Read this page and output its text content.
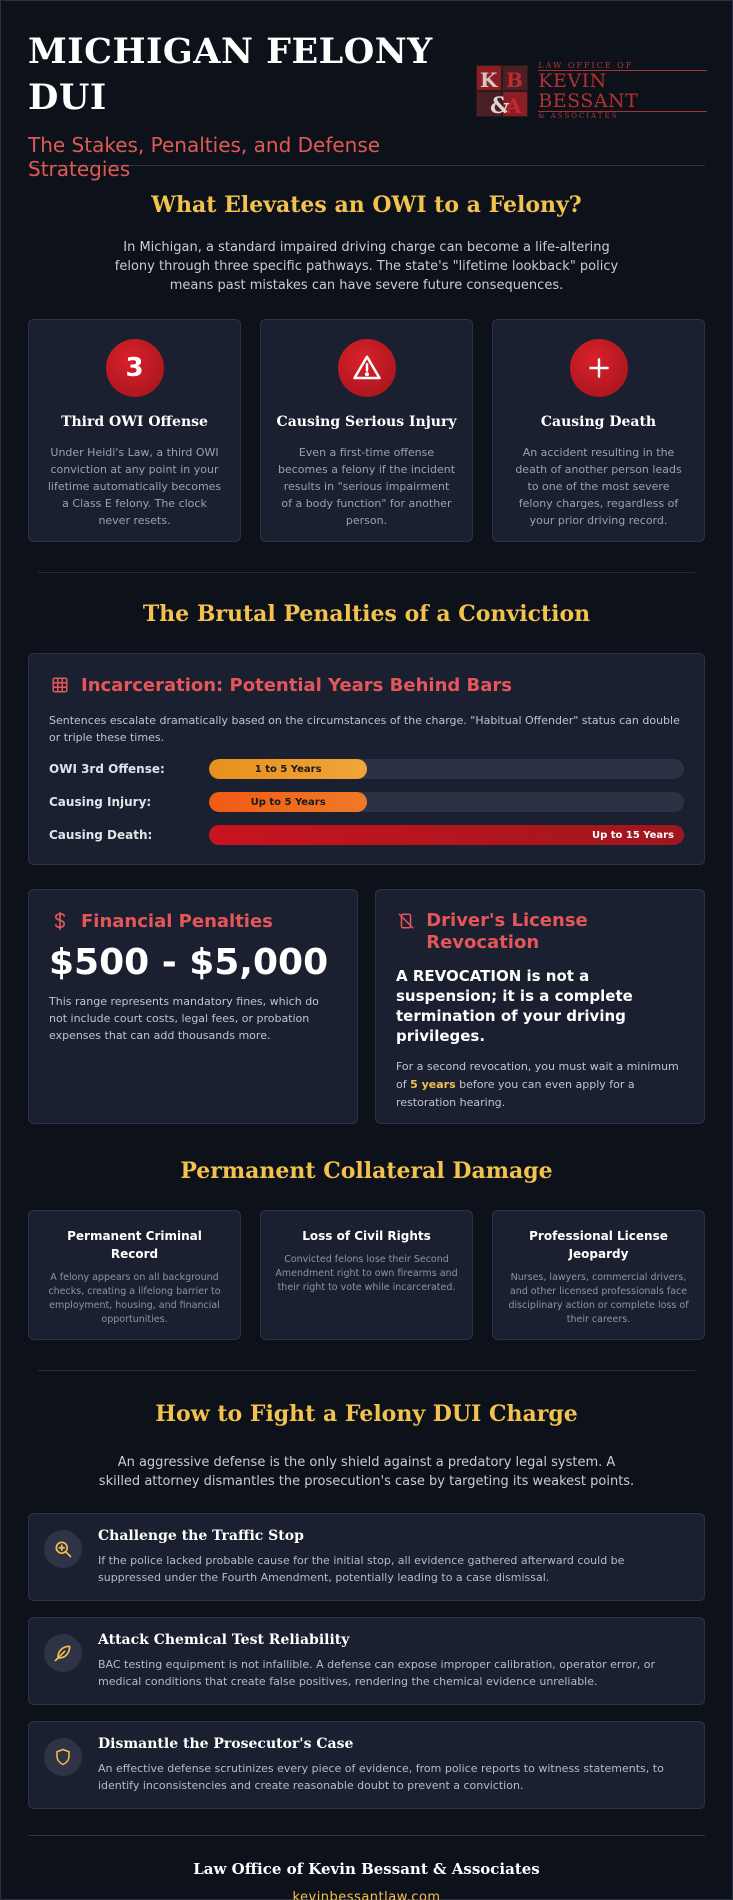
MICHIGAN FELONY DUI
The Stakes, Penalties, and Defense Strategies
K B
&
A
LAW OFFICE OF
KEVIN BESSANT
& ASSOCIATES
What Elevates an OWI to a Felony?
In Michigan, a standard impaired driving charge can become a life-altering felony through three specific pathways. The state's "lifetime lookback" policy means past mistakes can have severe future consequences.
3
Third OWI Offense

Under Heidi's Law, a third OWI conviction at any point in your lifetime automatically becomes a Class E felony. The clock never resets.

Causing Serious Injury

Even a first-time offense becomes a felony if the incident results in "serious impairment of a body function" for another person.

Causing Death

An accident resulting in the death of another person leads to one of the most severe felony charges, regardless of your prior driving record.

The Brutal Penalties of a Conviction
Incarceration: Potential Years Behind Bars
Sentences escalate dramatically based on the circumstances of the charge. "Habitual Offender" status can double or triple these times.
OWI 3rd Offense:	1 to 5 Years
Causing Injury:	Up to 5 Years
Causing Death:	Up to 15 Years
Financial Penalties
$500 - $5,000

This range represents mandatory fines, which do not include court costs, legal fees, or probation expenses that can add thousands more.

Driver's License Revocation
A REVOCATION is not a suspension; it is a complete termination of your driving privileges.

For a second revocation, you must wait a minimum of 5 years before you can even apply for a restoration hearing.

Permanent Collateral Damage
Permanent Criminal Record

A felony appears on all background checks, creating a lifelong barrier to employment, housing, and financial opportunities.

Loss of Civil Rights

Convicted felons lose their Second Amendment right to own firearms and their right to vote while incarcerated.

Professional License Jeopardy

Nurses, lawyers, commercial drivers, and other licensed professionals face disciplinary action or complete loss of their careers.

How to Fight a Felony DUI Charge
An aggressive defense is the only shield against a predatory legal system. A skilled attorney dismantles the prosecution's case by targeting its weakest points.
Challenge the Traffic Stop

If the police lacked probable cause for the initial stop, all evidence gathered afterward could be suppressed under the Fourth Amendment, potentially leading to a case dismissal.

Attack Chemical Test Reliability

BAC testing equipment is not infallible. A defense can expose improper calibration, operator error, or medical conditions that create false positives, rendering the chemical evidence unreliable.

Dismantle the Prosecutor's Case

An effective defense scrutinizes every piece of evidence, from police reports to witness statements, to identify inconsistencies and create reasonable doubt to prevent a conviction.

Law Office of Kevin Bessant & Associates
kevinbessantlaw.com
